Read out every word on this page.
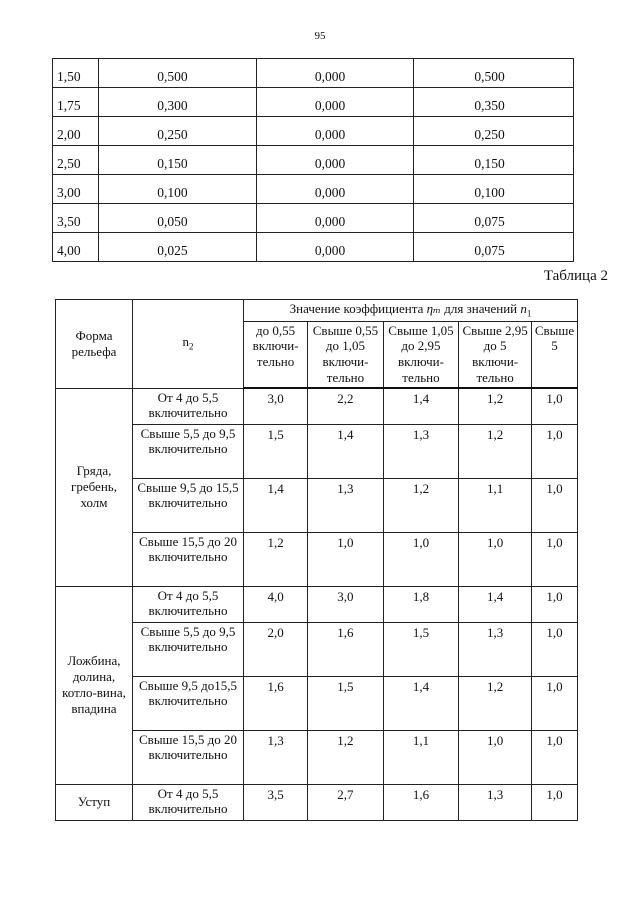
95
1,50	0,500	0,000	0,500
1,75	0,300	0,000	0,350
2,00	0,250	0,000	0,250
2,50	0,150	0,000	0,150
3,00	0,100	0,000	0,100
3,50	0,050	0,000	0,075
4,00	0,025	0,000	0,075
Таблица 2
Форма рельефа	$n_2$	Значение коэффициента ηₘ для значений $n_1$
		до 0,55 включи-тельно	Свыше 0,55 до 1,05 включи-тельно	Свыше 1,05 до 2,95 включи-тельно	Свыше 2,95 до 5 включи-тельно	Свыше 5
Гряда, гребень, холм	От 4 до 5,5 включительно	3,0	2,2	1,4	1,2	1,0
	Свыше 5,5 до 9,5 включительно	1,5	1,4	1,3	1,2	1,0
	Свыше 9,5 до 15,5 включительно	1,4	1,3	1,2	1,1	1,0
	Свыше 15,5 до 20 включительно	1,2	1,0	1,0	1,0	1,0
Ложбина, долина, котло-вина, впадина	От 4 до 5,5 включительно	4,0	3,0	1,8	1,4	1,0
	Свыше 5,5 до 9,5 включительно	2,0	1,6	1,5	1,3	1,0
	Свыше 9,5 до15,5 включительно	1,6	1,5	1,4	1,2	1,0
	Свыше 15,5 до 20 включительно	1,3	1,2	1,1	1,0	1,0
Уступ	От 4 до 5,5 включительно	3,5	2,7	1,6	1,3	1,0
